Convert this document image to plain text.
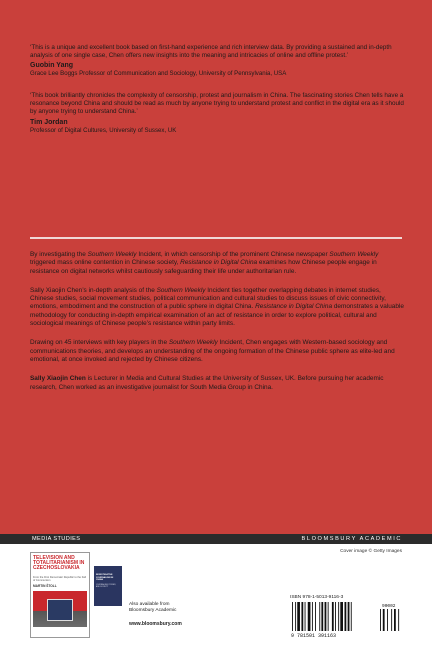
‘This is a unique and excellent book based on first-hand experience and rich interview data. By providing a sustained and in-depth analysis of one single case, Chen offers new insights into the meaning and intricacies of online and offline protest.’

Guobin Yang

Grace Lee Boggs Professor of Communication and Sociology, University of Pennsylvania, USA

‘This book brilliantly chronicles the complexity of censorship, protest and journalism in China. The fascinating stories Chen tells have a resonance beyond China and should be read as much by anyone trying to understand protest and conflict in the digital era as it should by anyone trying to understand China.’

Tim Jordan

Professor of Digital Cultures, University of Sussex, UK

By investigating the Southern Weekly Incident, in which censorship of the prominent Chinese newspaper Southern Weekly triggered mass online contention in Chinese society, Resistance in Digital China examines how Chinese people engage in resistance on digital networks whilst cautiously safeguarding their life under authoritarian rule.

Sally Xiaojin Chen’s in-depth analysis of the Southern Weekly Incident ties together overlapping debates in internet studies, Chinese studies, social movement studies, political communication and cultural studies to discuss issues of civic connectivity, emotions, embodiment and the construction of a public sphere in digital China. Resistance in Digital China demonstrates a valuable methodology for conducting in-depth empirical examination of an act of resistance in order to explore political, cultural and sociological meanings of Chinese people’s resistance within party limits.

Drawing on 45 interviews with key players in the Southern Weekly Incident, Chen engages with Western-based sociology and communications theories, and develops an understanding of the ongoing formation of the Chinese public sphere as elite-led and emotional, at once invoked and rejected by Chinese citizens.

Sally Xiaojin Chen is Lecturer in Media and Cultural Studies at the University of Sussex, UK. Before pursuing her academic research, Chen worked as an investigative journalist for South Media Group in China.

MEDIA STUDIES	BLOOMSBURY ACADEMIC
TELEVISION AND TOTALITARIANISM IN CZECHOSLOVAKIA
From the First Democratic Republic to the Fall of Communism
MARTIN ŠTOLL
INVESTIGATIVE JOURNALISM IN CHINA
JOURNALISM, POWER, AND SOCIETY
Also available from
Bloomsbury Academic
www.bloomsbury.com
Cover image © Getty Images
ISBN 978-1-5013-9116-3
9 781501 391163
90002
